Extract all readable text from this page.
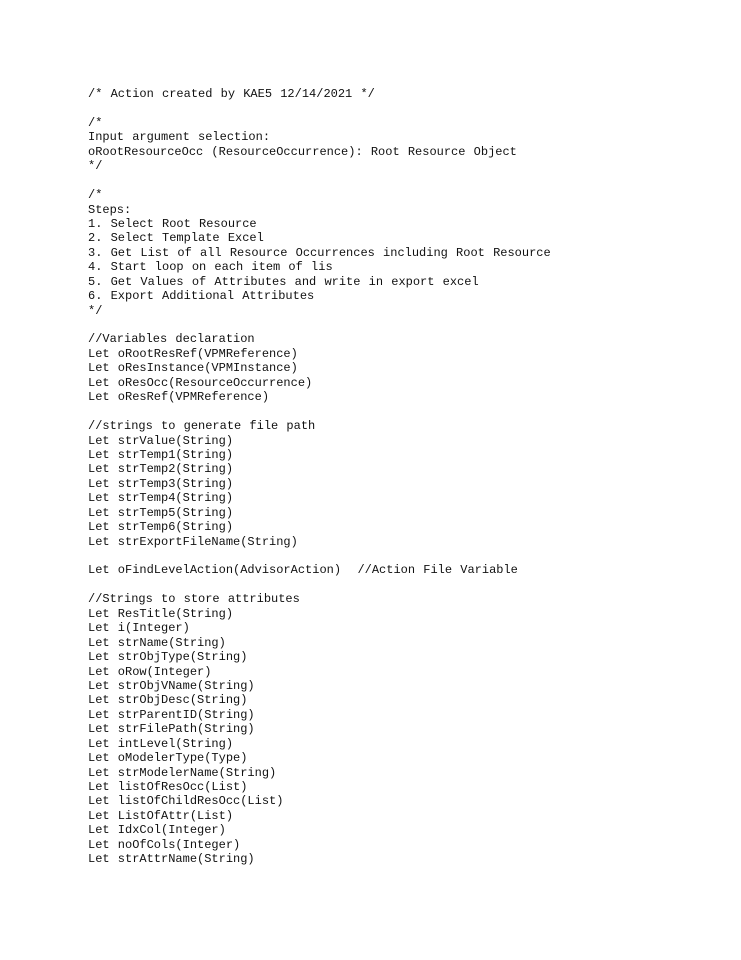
/* Action created by KAE5 12/14/2021 */
/*
Input argument selection:
oRootResourceOcc (ResourceOccurrence): Root Resource Object
*/
/*
Steps:
1. Select Root Resource
2. Select Template Excel
3. Get List of all Resource Occurrences including Root Resource
4. Start loop on each item of lis
5. Get Values of Attributes and write in export excel
6. Export Additional Attributes
*/
//Variables declaration
Let oRootResRef(VPMReference)
Let oResInstance(VPMInstance)
Let oResOcc(ResourceOccurrence)
Let oResRef(VPMReference)
//strings to generate file path
Let strValue(String)
Let strTemp1(String)
Let strTemp2(String)
Let strTemp3(String)
Let strTemp4(String)
Let strTemp5(String)
Let strTemp6(String)
Let strExportFileName(String)
Let oFindLevelAction(AdvisorAction)  //Action File Variable
//Strings to store attributes
Let ResTitle(String)
Let i(Integer)
Let strName(String)
Let strObjType(String)
Let oRow(Integer)
Let strObjVName(String)
Let strObjDesc(String)
Let strParentID(String)
Let strFilePath(String)
Let intLevel(String)
Let oModelerType(Type)
Let strModelerName(String)
Let listOfResOcc(List)
Let listOfChildResOcc(List)
Let ListOfAttr(List)
Let IdxCol(Integer)
Let noOfCols(Integer)
Let strAttrName(String)
